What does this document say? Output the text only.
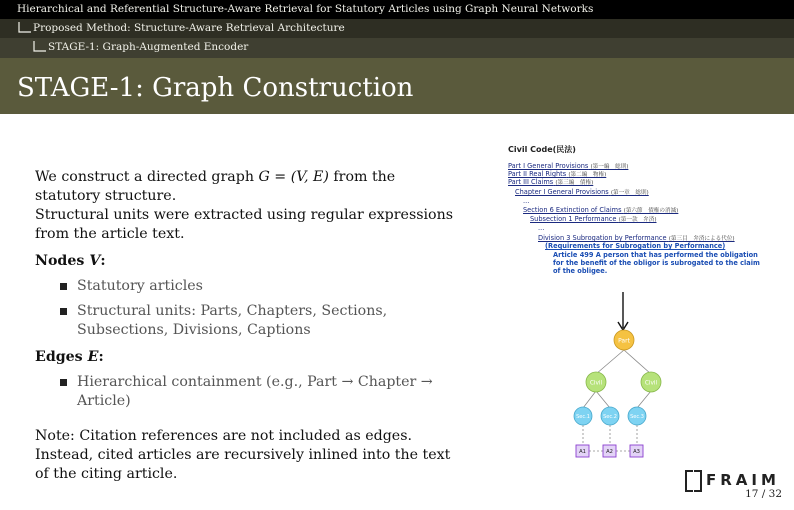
Hierarchical and Referential Structure-Aware Retrieval for Statutory Articles using Graph Neural Networks
Proposed Method: Structure-Aware Retrieval Architecture
STAGE-1: Graph-Augmented Encoder
STAGE-1: Graph Construction

We construct a directed graph G = (V, E) from the statutory structure.

Structural units were extracted using regular expressions from the article text.

Nodes V:

Statutory articles

Structural units: Parts, Chapters, Sections, Subsections, Divisions, Captions

Edges E:

Hierarchical containment (e.g., Part → Chapter → Article)

Note: Citation references are not included as edges. Instead, cited articles are recursively inlined into the text of the citing article.

Civil Code(民法)
Part I General Provisions (第一編　総則)
Part II Real Rights (第二編　物権)
Part III Claims (第三編　債権)
Chapter I General Provisions (第一章　総則)
...
Section 6 Extinction of Claims (第六節　債権の消滅)
Subsection 1 Performance (第一款　弁済)
...
Division 3 Subrogation by Performance (第三目　弁済による代位)
(Requirements for Subrogation by Performance)
Article 499 A person that has performed the obligation
for the benefit of the obligor is subrogated to the claim
of the obligee.
Part
Civil	Civil
Sec.1	Sec.2	Sec.3
A1	A2	A3
FRAIM
17 / 32
